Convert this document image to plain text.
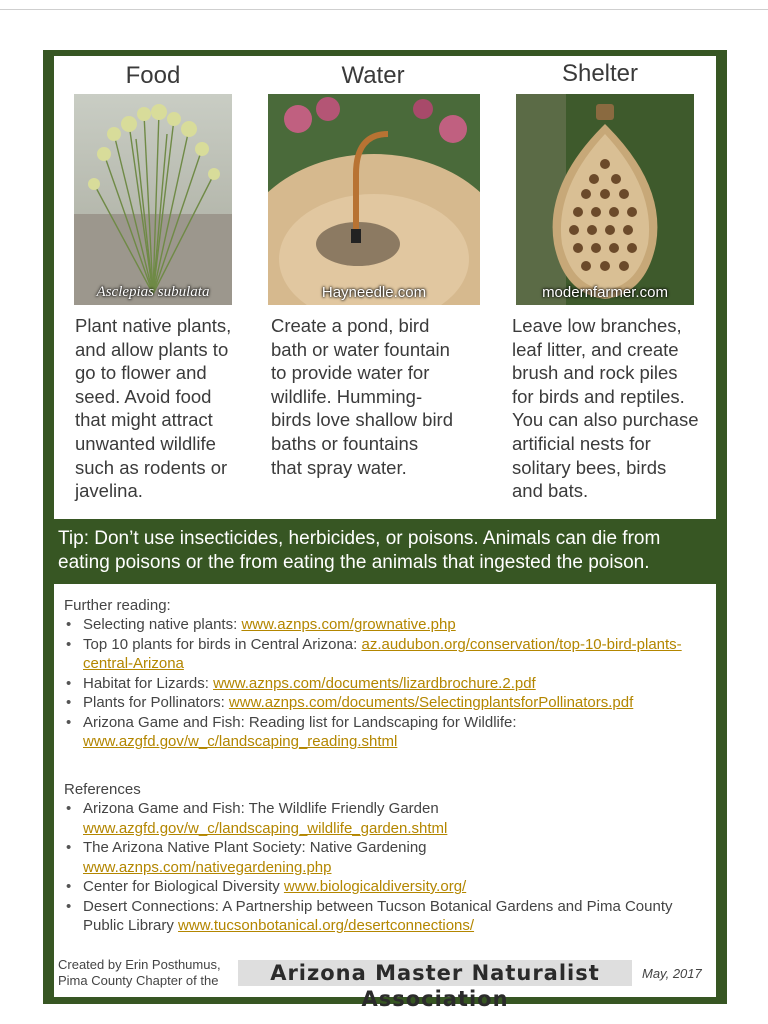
Food
Asclepias subulata
Plant native plants,
and allow plants to
go to flower and
seed. Avoid food
that might attract
unwanted wildlife
such as rodents or
javelina.
Water
Hayneedle.com
Create a pond, bird
bath or water fountain
to provide water for
wildlife. Humming-
birds love shallow bird
baths or fountains
that spray water.
Shelter
modernfarmer.com
Leave low branches,
leaf litter, and create
brush and rock piles
for birds and reptiles.
You can also purchase
artificial nests for
solitary bees, birds
and bats.
Tip: Don’t use insecticides, herbicides, or poisons. Animals can die from
eating poisons or the from eating the animals that ingested the poison.

Further reading:

• Selecting native plants: www.aznps.com/grownative.php
• Top 10 plants for birds in Central Arizona: az.audubon.org/conservation/top-10-bird-plants-central-Arizona
• Habitat for Lizards: www.aznps.com/documents/lizardbrochure.2.pdf
• Plants for Pollinators: www.aznps.com/documents/SelectingplantsforPollinators.pdf
• Arizona Game and Fish: Reading list for Landscaping for Wildlife:
www.azgfd.gov/w_c/landscaping_reading.shtml

References

• Arizona Game and Fish: The Wildlife Friendly Garden
www.azgfd.gov/w_c/landscaping_wildlife_garden.shtml
• The Arizona Native Plant Society: Native Gardening
www.aznps.com/nativegardening.php
• Center for Biological Diversity www.biologicaldiversity.org/
• Desert Connections: A Partnership between Tucson Botanical Gardens and Pima County Public Library www.tucsonbotanical.org/desertconnections/
Created by Erin Posthumus,
Pima County Chapter of the	Arizona Master Naturalist Association
May, 2017
